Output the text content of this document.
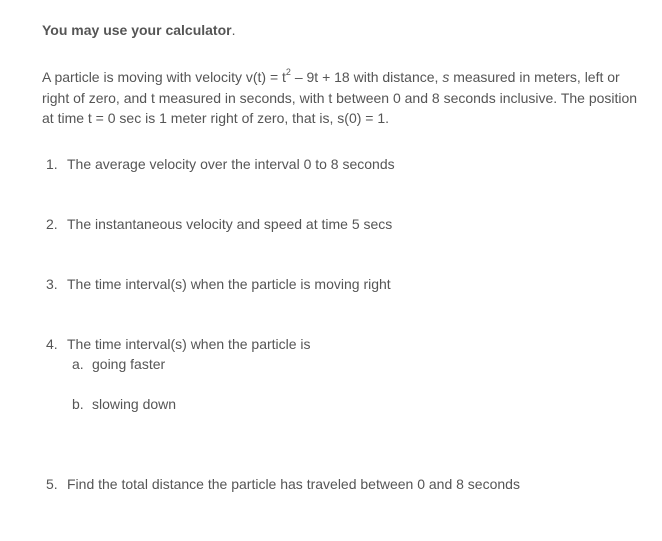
You may use your calculator.
A particle is moving with velocity $v(t) = t^2 - 9t + 18$ with distance, s measured in meters, left or right of zero, and t measured in seconds, with t between 0 and 8 seconds inclusive. The position at time t = 0 sec is 1 meter right of zero, that is, s(0) = 1.
1. The average velocity over the interval 0 to 8 seconds
2. The instantaneous velocity and speed at time 5 secs
3. The time interval(s) when the particle is moving right
4. The time interval(s) when the particle is
a. going faster
b. slowing down
5. Find the total distance the particle has traveled between 0 and 8 seconds
